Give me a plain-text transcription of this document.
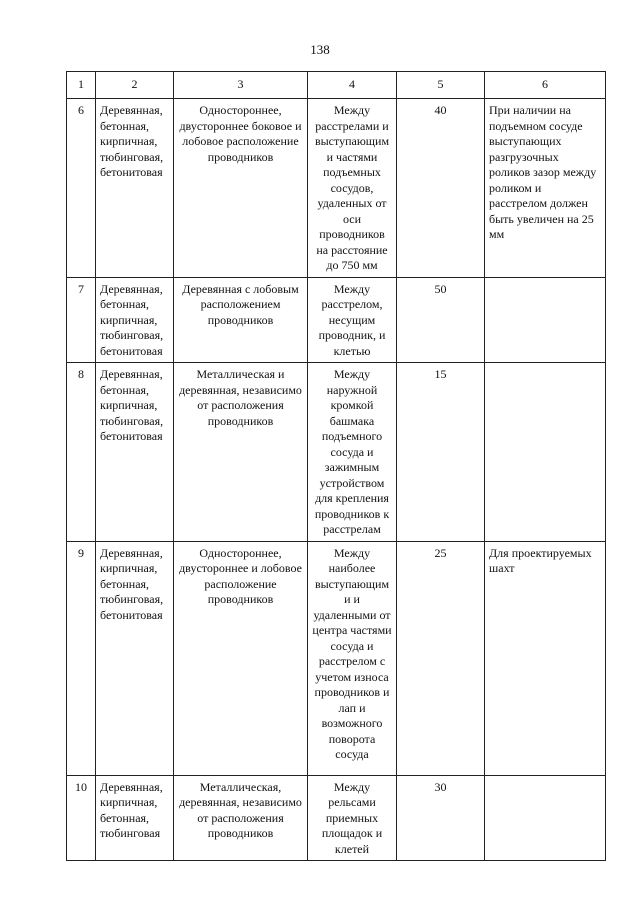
138
1	2	3	4	5	6
6	Деревянная, бетонная, кирпичная, тюбинговая, бетонитовая	Одностороннее, двустороннее боковое и лобовое расположение проводников	Между расстрелами и выступающим и частями подъемных сосудов, удаленных от оси проводников на расстояние до 750 мм	40	При наличии на подъемном сосуде выступающих разгрузочных роликов зазор между роликом и расстрелом должен быть увеличен на 25 мм
7	Деревянная, бетонная, кирпичная, тюбинговая, бетонитовая	Деревянная с лобовым расположением проводников	Между расстрелом, несущим проводник, и клетью	50	
8	Деревянная, бетонная, кирпичная, тюбинговая, бетонитовая	Металлическая и деревянная, независимо от расположения проводников	Между наружной кромкой башмака подъемного сосуда и зажимным устройством для крепления проводников к расстрелам	15	
9	Деревянная, кирпичная, бетонная, тюбинговая, бетонитовая	Одностороннее, двустороннее и лобовое расположение проводников	Между наиболее выступающим и и удаленными от центра частями сосуда и расстрелом с учетом износа проводников и лап и возможного поворота сосуда	25	Для проектируемых шахт
10	Деревянная, кирпичная, бетонная, тюбинговая	Металлическая, деревянная, независимо от расположения проводников	Между рельсами приемных площадок и клетей	30	
